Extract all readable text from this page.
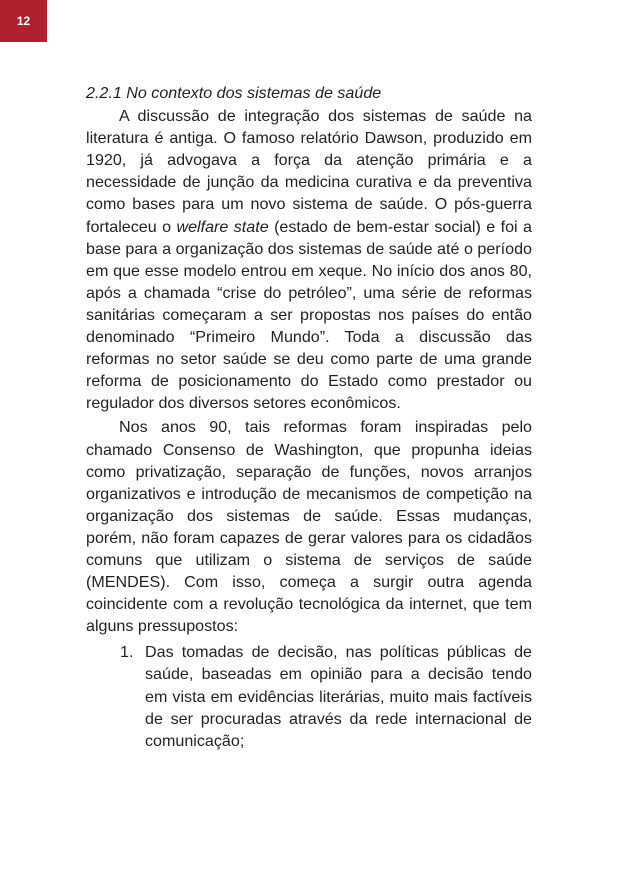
12

2.2.1 No contexto dos sistemas de saúde

A discussão de integração dos sistemas de saúde na literatura é antiga. O famoso relatório Dawson, produzido em 1920, já advogava a força da atenção primária e a necessidade de junção da medicina curativa e da preventiva como bases para um novo sistema de saúde. O pós-guerra fortaleceu o welfare state (estado de bem-estar social) e foi a base para a organização dos sistemas de saúde até o período em que esse modelo entrou em xeque. No início dos anos 80, após a chamada “crise do petróleo”, uma série de reformas sanitárias começaram a ser propostas nos países do então denominado “Primeiro Mundo”. Toda a discussão das reformas no setor saúde se deu como parte de uma grande reforma de posicionamento do Estado como prestador ou regulador dos diversos setores econômicos.

Nos anos 90, tais reformas foram inspiradas pelo chamado Consenso de Washington, que propunha ideias como privatização, separação de funções, novos arranjos organizativos e introdução de mecanismos de competição na organização dos sistemas de saúde. Essas mudanças, porém, não foram capazes de gerar valores para os cidadãos comuns que utilizam o sistema de serviços de saúde (MENDES). Com isso, começa a surgir outra agenda coincidente com a revolução tecnológica da internet, que tem alguns pressupostos:

1. Das tomadas de decisão, nas políticas públicas de saúde, baseadas em opinião para a decisão tendo em vista em evidências literárias, muito mais factíveis de ser procuradas através da rede internacional de comunicação;
